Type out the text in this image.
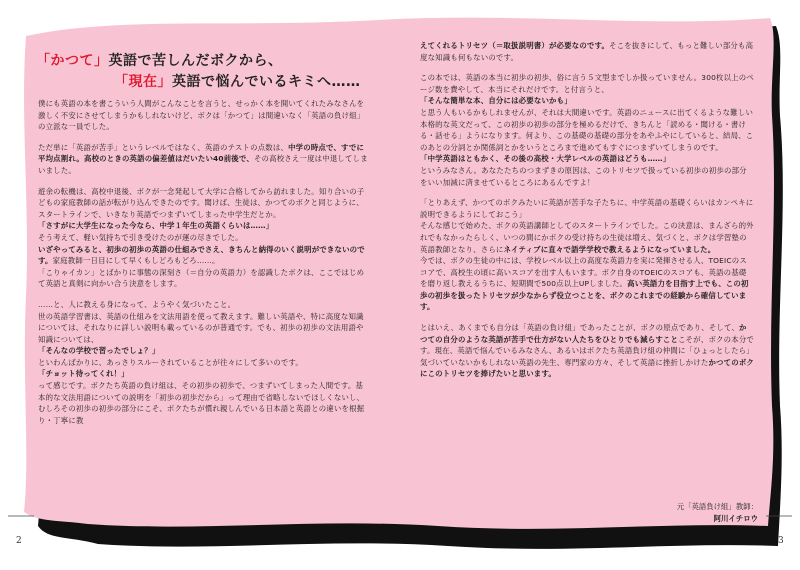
「かつて」英語で苦しんだボクから、
「現在」英語で悩んでいるキミへ……

僕にも英語の本を書こういう人間がこんなことを言うと、せっかく本を開いてくれたみなさんを激しく不安にさせてしまうかもしれないけど、ボクは「かつて」は間違いなく「英語の負け組」の立派な一員でした。

ただ単に「英語が苦手」というレベルではなく、英語のテストの点数は、中学の時点で、すでに平均点割れ。高校のときの英語の偏差値はだいたい40前後で、その高校さえ一度は中退してしまいました。

遊余の転機は、高校中退後、ボクが一念発起して大学に合格してから訪れました。知り合いの子どもの家庭教師の話が転がり込んできたのです。聞けば、生徒は、かつてのボクと同じように、スタートラインで、いきなり英語でつまずいてしまった中学生だとか。
「さすがに大学生になった今なら、中学１年生の英語くらいは……」
そう考えて、軽い気持ちで引き受けたのが運の尽きでした。
いざやってみると、初歩の初歩の英語の仕組みでさえ、きちんと納得のいく説明ができないのです。家庭教師一日目にして早くもしどろもどろ……。
「こりゃイカン」とばかりに事態の深刻さ（＝自分の英語力）を認識したボクは、ここではじめて英語と真剣に向かい合う決意をします。

……と、人に教える身になって、ようやく気づいたこと。
世の英語学習書は、英語の仕組みを文法用語を使って教えます。難しい英語や、特に高度な知識については、それなりに詳しい説明も載っているのが普通です。でも、初歩の初歩の文法用語や知識については、
「そんなの学校で習ったでしょ？」
といわんばかりに、あっさりスルーされていることが往々にして多いのです。
「チョット待ってくれ！」
って感じです。ボクたち英語の負け組は、その初歩の初歩で、つまずいてしまった人間です。基本的な文法用語についての説明を「初歩の初歩だから」って理由で省略しないでほしくないし、むしろその初歩の初歩の部分にこそ、ボクたちが慣れ親しんでいる日本語と英語との違いを根掘り・丁寧に教

えてくれるトリセツ（＝取扱説明書）が必要なのです。そこを抜きにして、もっと難しい部分も高度な知識も何もないのです。

この本では、英語の本当に初歩の初歩、俗に言う５文型までしか扱っていません。300枚以上のページ数を費やして、本当にそれだけです。と付言うと、
「そんな簡単な本、自分には必要ないかも」
と思う人もいるかもしれませんが、それは大間違いです。英語のニュースに出てくるような難しい本格的な英文だって、この初歩の初歩の部分を極めるだけで、きちんと「読める・聞ける・書ける・話せる」ようになります。何より、この基礎の基礎の部分をあやふやにしていると、結局、このあとの分詞とか関係詞とかをいうところまで進めてもすぐにつまずいてしまうのです。
「中学英語はともかく、その後の高校・大学レベルの英語はどうも……」
というみなさん。あなたたちのつまずきの原因は、このトリセツで扱っている初歩の初歩の部分をいい加減に済ませているところにあるんですよ！

「とりあえず、かつてのボクみたいに英語が苦手な子たちに、中学英語の基礎くらいはカンペキに説明できるようにしておこう」
そんな感じで始めた、ボクの英語講師としてのスタートラインでした。この決意は、まんざら的外れでもなかったらしく、いつの間にかボクの受け持ちの生徒は増え、気づくと、ボクは学習塾の英語教師となり、さらにネイティブに直々で語学学校で教えるようになっていました。
今では、ボクの生徒の中には、学校レベル以上の高度な英語力を実に発揮させる人、TOEICのスコアで、高校生の頃に高いスコアを出す人もいます。ボク自身のTOEICのスコアも、英語の基礎を磨り返し教えるうちに、短期間で500点以上UPしました。高い英語力を目指す上でも、この初歩の初歩を扱ったトリセツが少なからず役立つことを、ボクのこれまでの経験から確信しています。

とはいえ、あくまでも自分は「英語の負け組」であったことが、ボクの原点であり、そして、かつての自分のような英語が苦手で仕方がない人たちをひとりでも減らすことこそが、ボクの本分です。現在、英語で悩んでいるみなさん、あるいはボクたち英語負け組の仲間に「ひょっとしたら」気づいていないかもしれない英語の先生、専門家の方々、そして英語に挫折しかけたかつてのボクにこのトリセツを捧げたいと思います。

元「英語負け組」教師：
阿川イチロウ
2	3
